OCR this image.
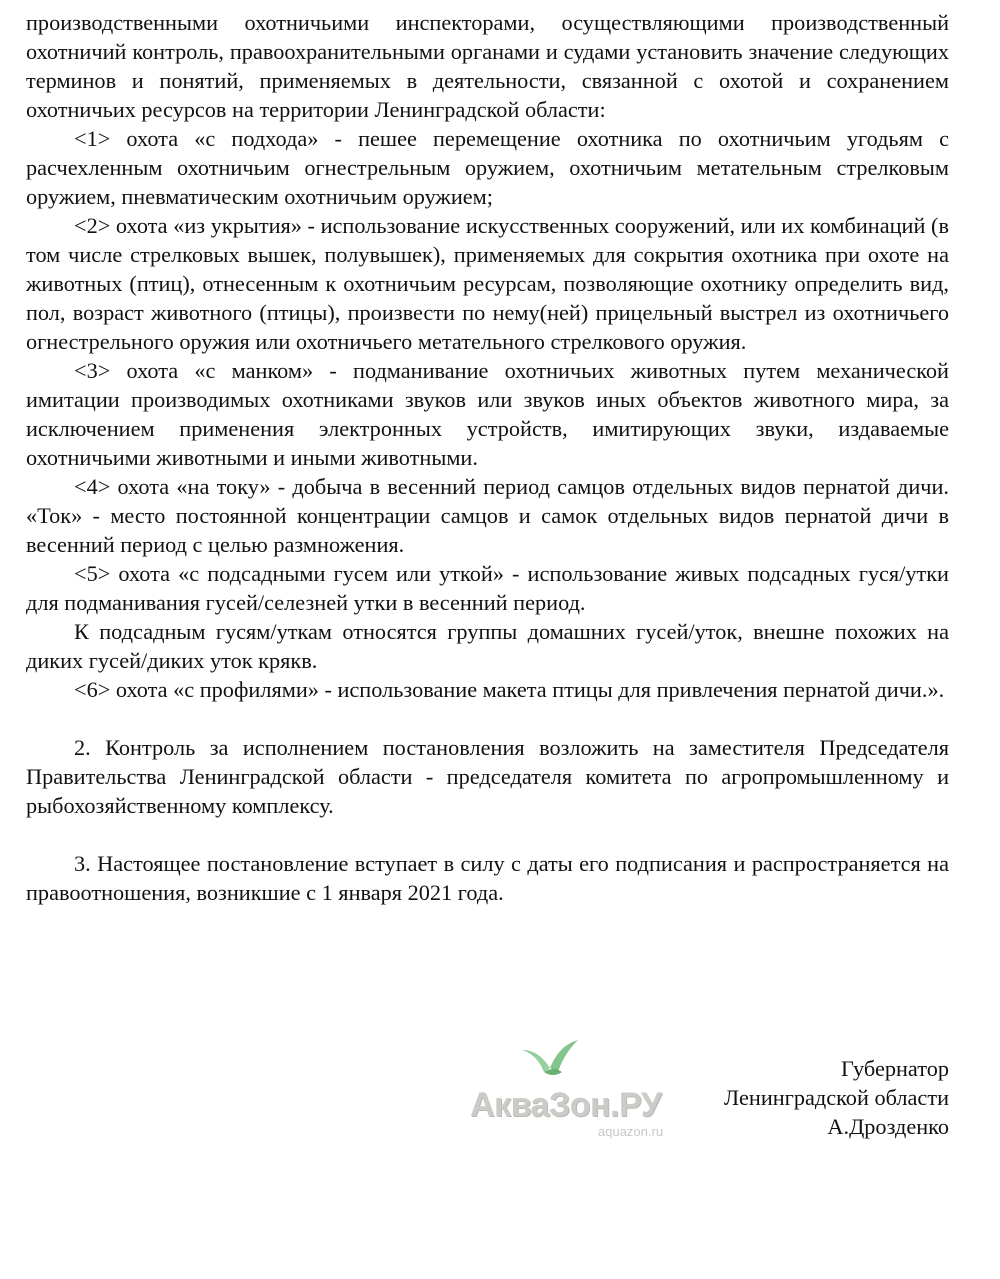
производственными охотничьими инспекторами, осуществляющими производственный охотничий контроль, правоохранительными органами и судами установить значение следующих терминов и понятий, применяемых в деятельности, связанной с охотой и сохранением охотничьих ресурсов на территории Ленинградской области:

<1> охота «с подхода» - пешее перемещение охотника по охотничьим угодьям с расчехленным охотничьим огнестрельным оружием, охотничьим метательным стрелковым оружием, пневматическим охотничьим оружием;

<2> охота «из укрытия» - использование искусственных сооружений, или их комбинаций (в том числе стрелковых вышек, полувышек), применяемых для сокрытия охотника при охоте на животных (птиц), отнесенным к охотничьим ресурсам, позволяющие охотнику определить вид, пол, возраст животного (птицы), произвести по нему(ней) прицельный выстрел из охотничьего огнестрельного оружия или охотничьего метательного стрелкового оружия.

<3> охота «с манком» - подманивание охотничьих животных путем механической имитации производимых охотниками звуков или звуков иных объектов животного мира, за исключением применения электронных устройств, имитирующих звуки, издаваемые охотничьими животными и иными животными.

<4> охота «на току» - добыча в весенний период самцов отдельных видов пернатой дичи. «Ток» - место постоянной концентрации самцов и самок отдельных видов пернатой дичи в весенний период с целью размножения.

<5> охота «с подсадными гусем или уткой» - использование живых подсадных гуся/утки для подманивания гусей/селезней утки в весенний период.

К подсадным гусям/уткам относятся группы домашних гусей/уток, внешне похожих на диких гусей/диких уток крякв.

<6> охота «с профилями» - использование макета птицы для привлечения пернатой дичи.».

2. Контроль за исполнением постановления возложить на заместителя Председателя Правительства Ленинградской области - председателя комитета по агропромышленному и рыбохозяйственному комплексу.

3. Настоящее постановление вступает в силу с даты его подписания и распространяется на правоотношения, возникшие с 1 января 2021 года.

АкваЗон.РУ
aquazon.ru
Губернатор
Ленинградской области
А.Дрозденко
